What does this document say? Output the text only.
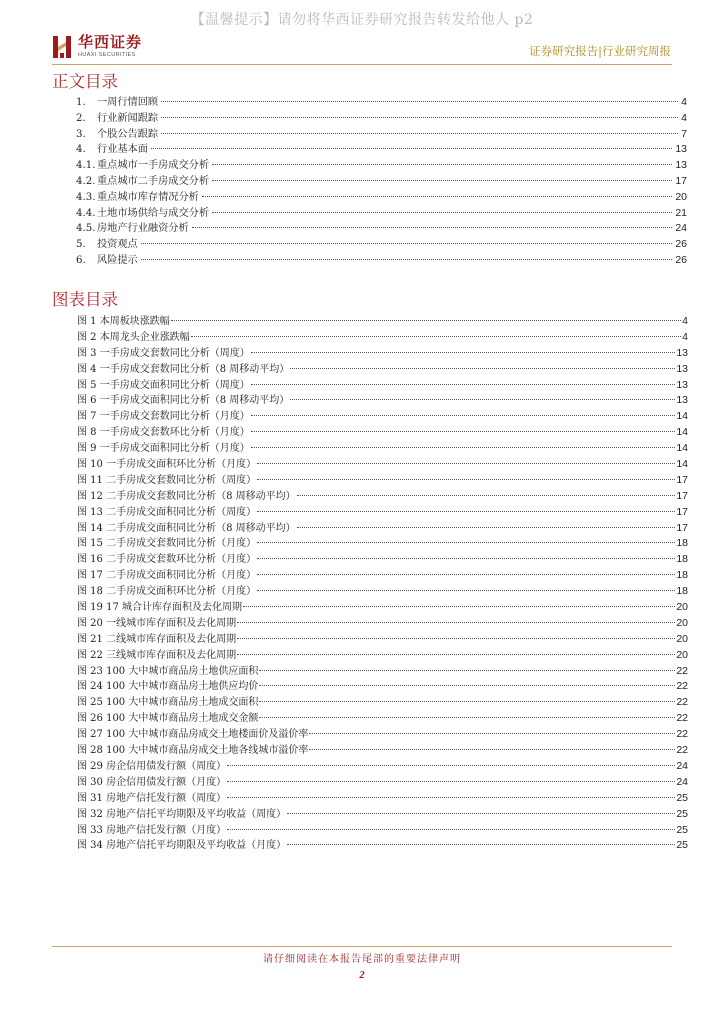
【温馨提示】请勿将华西证券研究报告转发给他人 p2
华西证券
HUAXI SECURITIES	证券研究报告|行业研究周报
正文目录
1.	一周行情回顾	4
2.	行业新闻跟踪	4
3.	个股公告跟踪	7
4.	行业基本面	13
4.1. 重点城市一手房成交分析	13
4.2. 重点城市二手房成交分析	17
4.3. 重点城市库存情况分析	20
4.4. 土地市场供给与成交分析	21
4.5. 房地产行业融资分析	24
5.	投资观点	26
6.	风险提示	26
图表目录
图 1 本周板块涨跌幅	4
图 2 本周龙头企业涨跌幅	4
图 3 一手房成交套数同比分析（周度）	13
图 4 一手房成交套数同比分析（8 周移动平均）	13
图 5 一手房成交面积同比分析（周度）	13
图 6 一手房成交面积同比分析（8 周移动平均）	13
图 7 一手房成交套数同比分析（月度）	14
图 8 一手房成交套数环比分析（月度）	14
图 9 一手房成交面积同比分析（月度）	14
图 10 一手房成交面积环比分析（月度）	14
图 11 二手房成交套数同比分析（周度）	17
图 12 二手房成交套数同比分析（8 周移动平均）	17
图 13 二手房成交面积同比分析（周度）	17
图 14 二手房成交面积同比分析（8 周移动平均）	17
图 15 二手房成交套数同比分析（月度）	18
图 16 二手房成交套数环比分析（月度）	18
图 17 二手房成交面积同比分析（月度）	18
图 18 二手房成交面积环比分析（月度）	18
图 19 17 城合计库存面积及去化周期	20
图 20 一线城市库存面积及去化周期	20
图 21 二线城市库存面积及去化周期	20
图 22 三线城市库存面积及去化周期	20
图 23 100 大中城市商品房土地供应面积	22
图 24 100 大中城市商品房土地供应均价	22
图 25 100 大中城市商品房土地成交面积	22
图 26 100 大中城市商品房土地成交金额	22
图 27 100 大中城市商品房成交土地楼面价及溢价率	22
图 28 100 大中城市商品房成交土地各线城市溢价率	22
图 29 房企信用债发行额（周度）	24
图 30 房企信用债发行额（月度）	24
图 31 房地产信托发行额（周度）	25
图 32 房地产信托平均期限及平均收益（周度）	25
图 33 房地产信托发行额（月度）	25
图 34 房地产信托平均期限及平均收益（月度）	25
请仔细阅读在本报告尾部的重要法律声明
2
